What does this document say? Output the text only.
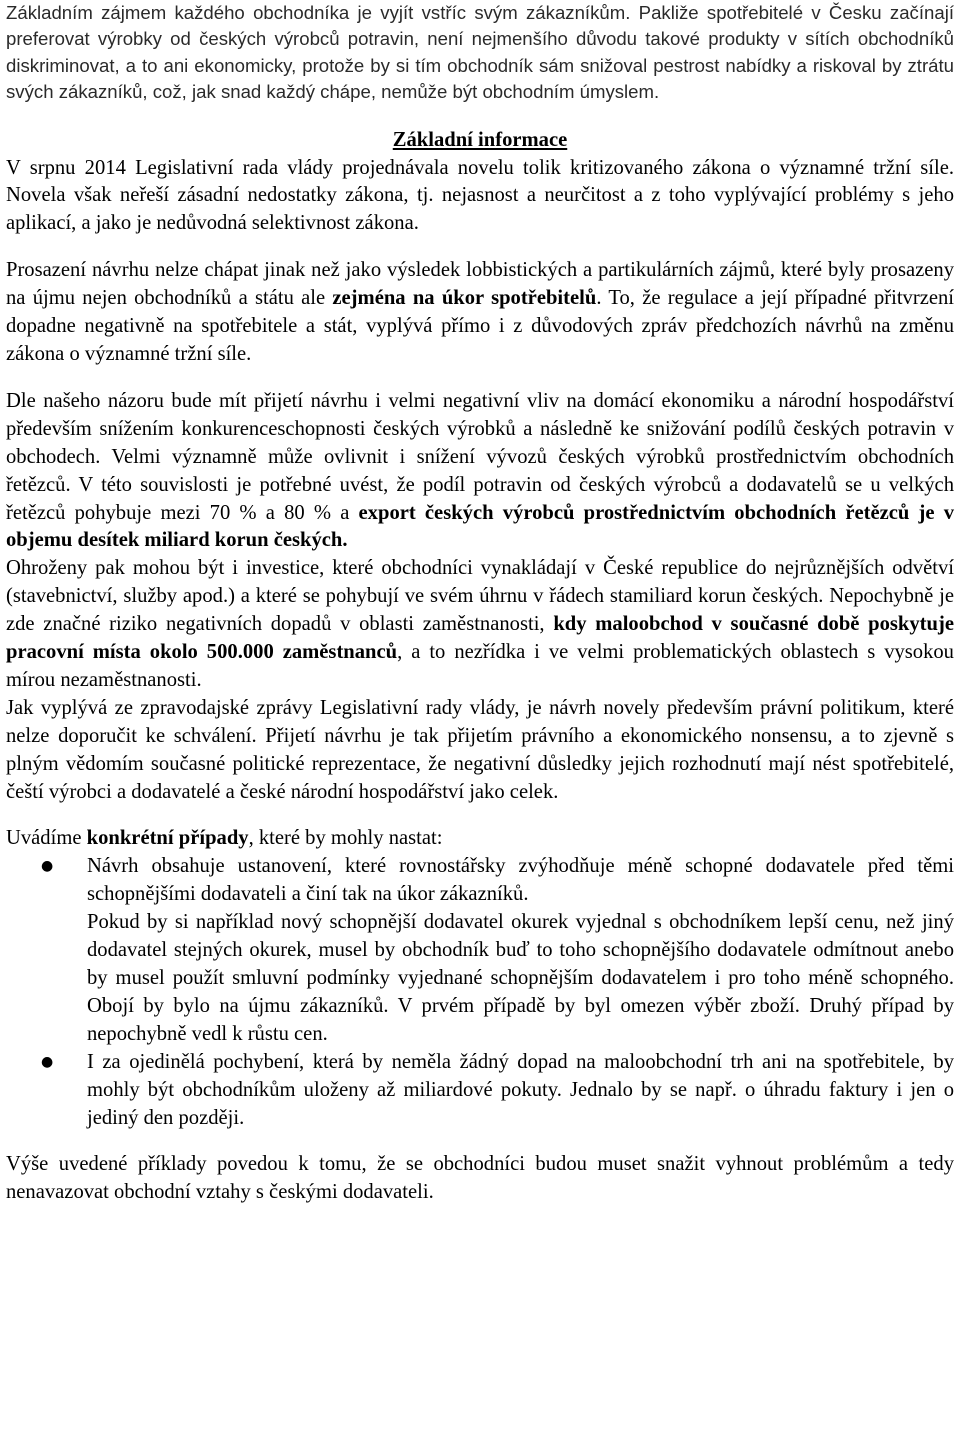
Základním zájmem každého obchodníka je vyjít vstříc svým zákazníkům. Pakliže spotřebitelé v Česku začínají preferovat výrobky od českých výrobců potravin, není nejmenšího důvodu takové produkty v sítích obchodníků diskriminovat, a to ani ekonomicky, protože by si tím obchodník sám snižoval pestrost nabídky a riskoval by ztrátu svých zákazníků, což, jak snad každý chápe, nemůže být obchodním úmyslem.

Základní informace

V srpnu 2014 Legislativní rada vlády projednávala novelu tolik kritizovaného zákona o významné tržní síle. Novela však neřeší zásadní nedostatky zákona, tj. nejasnost a neurčitost a z toho vyplývající problémy s jeho aplikací, a jako je nedůvodná selektivnost zákona.

Prosazení návrhu nelze chápat jinak než jako výsledek lobbistických a partikulárních zájmů, které byly prosazeny na újmu nejen obchodníků a státu ale zejména na úkor spotřebitelů. To, že regulace a její případné přitvrzení dopadne negativně na spotřebitele a stát, vyplývá přímo i z důvodových zpráv předchozích návrhů na změnu zákona o významné tržní síle.

Dle našeho názoru bude mít přijetí návrhu i velmi negativní vliv na domácí ekonomiku a národní hospodářství především snížením konkurenceschopnosti českých výrobků a následně ke snižování podílů českých potravin v obchodech. Velmi významně může ovlivnit i snížení vývozů českých výrobků prostřednictvím obchodních řetězců. V této souvislosti je potřebné uvést, že podíl potravin od českých výrobců a dodavatelů se u velkých řetězců pohybuje mezi 70 % a 80 % a export českých výrobců prostřednictvím obchodních řetězců je v objemu desítek miliard korun českých.

Ohroženy pak mohou být i investice, které obchodníci vynakládají v České republice do nejrůznějších odvětví (stavebnictví, služby apod.) a které se pohybují ve svém úhrnu v řádech stamiliard korun českých. Nepochybně je zde značné riziko negativních dopadů v oblasti zaměstnanosti, kdy maloobchod v současné době poskytuje pracovní místa okolo 500.000 zaměstnanců, a to nezřídka i ve velmi problematických oblastech s vysokou mírou nezaměstnanosti.

Jak vyplývá ze zpravodajské zprávy Legislativní rady vlády, je návrh novely především právní politikum, které nelze doporučit ke schválení. Přijetí návrhu je tak přijetím právního a ekonomického nonsensu, a to zjevně s plným vědomím současné politické reprezentace, že negativní důsledky jejich rozhodnutí mají nést spotřebitelé, čeští výrobci a dodavatelé a české národní hospodářství jako celek.

Uvádíme konkrétní případy, které by mohly nastat:

● Návrh obsahuje ustanovení, které rovnostářsky zvýhodňuje méně schopné dodavatele před těmi schopnějšími dodavateli a činí tak na úkor zákazníků.

Pokud by si například nový schopnější dodavatel okurek vyjednal s obchodníkem lepší cenu, než jiný dodavatel stejných okurek, musel by obchodník buď to toho schopnějšího dodavatele odmítnout anebo by musel použít smluvní podmínky vyjednané schopnějším dodavatelem i pro toho méně schopného. Obojí by bylo na újmu zákazníků. V prvém případě by byl omezen výběr zboží. Druhý případ by nepochybně vedl k růstu cen.

● I za ojedinělá pochybení, která by neměla žádný dopad na maloobchodní trh ani na spotřebitele, by mohly být obchodníkům uloženy až miliardové pokuty. Jednalo by se např. o úhradu faktury i jen o jediný den později.

Výše uvedené příklady povedou k tomu, že se obchodníci budou muset snažit vyhnout problémům a tedy nenavazovat obchodní vztahy s českými dodavateli.
